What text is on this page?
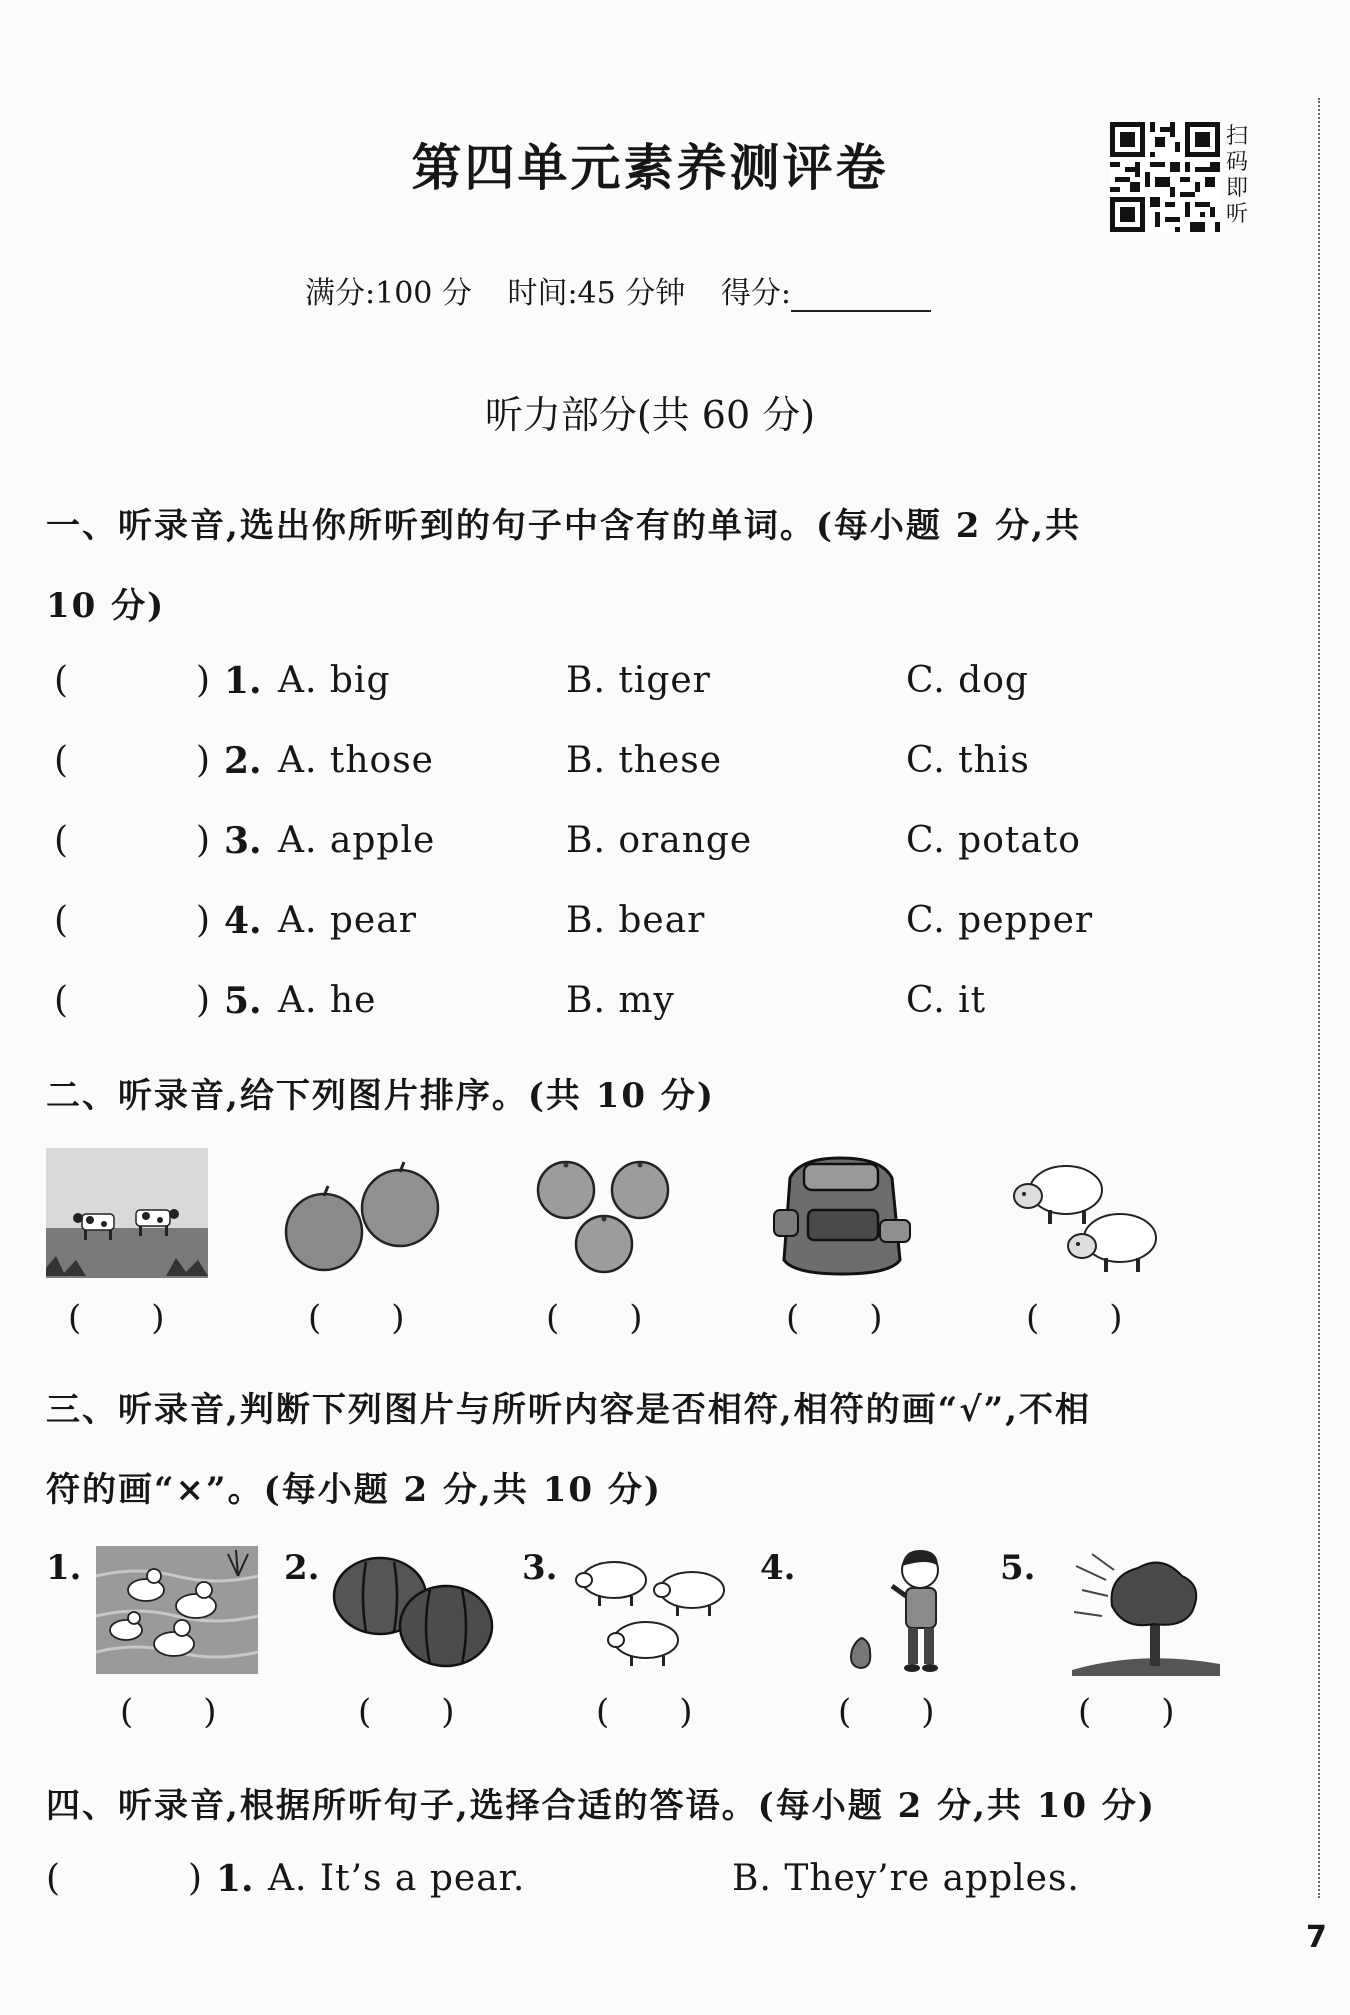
第四单元素养测评卷
扫码即听
满分:100 分 时间:45 分钟 得分:
听力部分(共 60 分)
一、听录音,选出你所听到的句子中含有的单词。(每小题 2 分,共
10 分)
(	) 1. A. big	B. tiger	C. dog
(	) 2. A. those	B. these	C. this
(	) 3. A. apple	B. orange	C. potato
(	) 4. A. pear	B. bear	C. pepper
(	) 5. A. he	B. my	C. it
二、听录音,给下列图片排序。(共 10 分)
( )	( )	( )	( )	( )
三、听录音,判断下列图片与所听内容是否相符,相符的画“√”,不相
符的画“×”。(每小题 2 分,共 10 分)
1.	2.	3.	4.	5.
( )	( )	( )	( )	( )
四、听录音,根据所听句子,选择合适的答语。(每小题 2 分,共 10 分)
(	) 1. A. It’s a pear.	B. They’re apples.
7
